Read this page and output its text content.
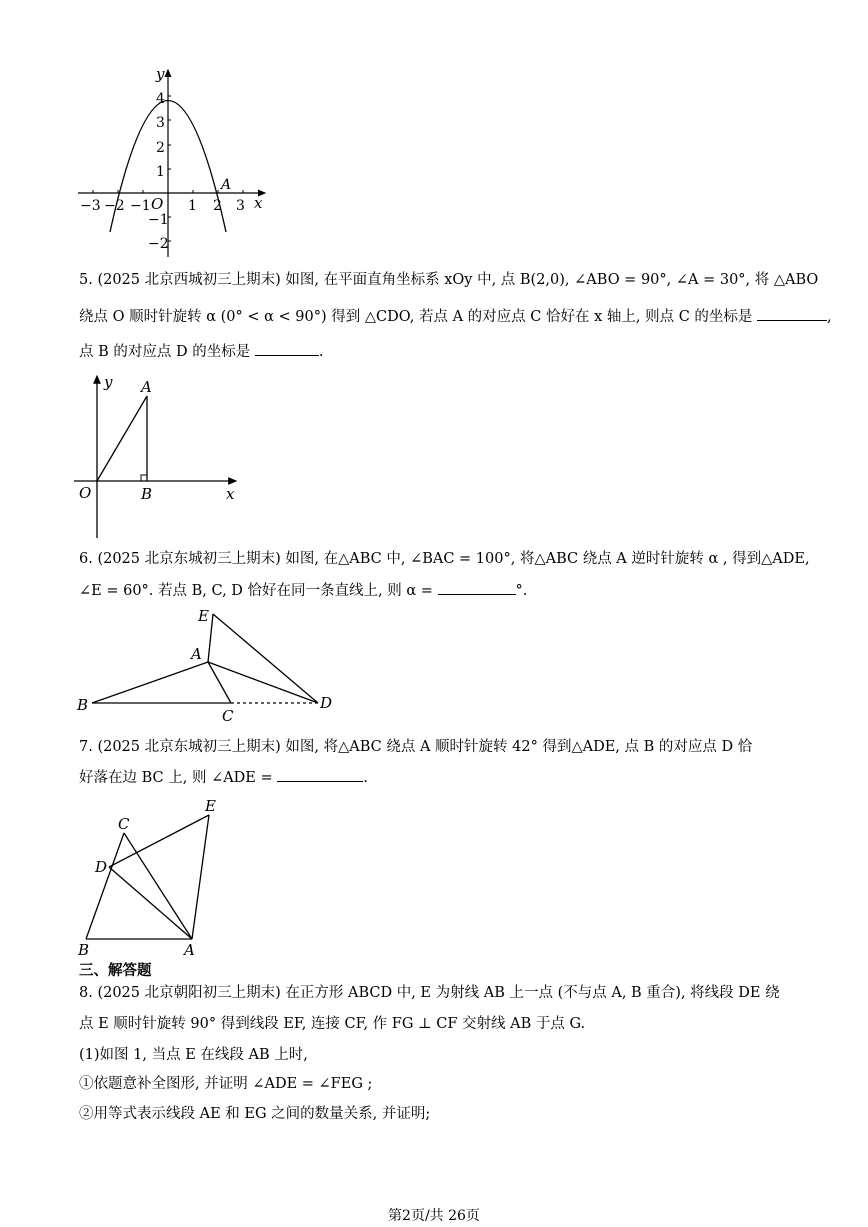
y
x
O
A
−3 −2 −1	1 2 3
4
3
2
1
−1
−2
5. (2025 北京西城初三上期末) 如图, 在平面直角坐标系 xOy 中, 点 B(2,0), ∠ABO = 90°, ∠A = 30°, 将 △ABO
绕点 O 顺时针旋转 α (0° < α < 90°) 得到 △CDO, 若点 A 的对应点 C 恰好在 x 轴上, 则点 C 的坐标是	,
点 B 的对应点 D 的坐标是	.
y A
O	B	x
6. (2025 北京东城初三上期末) 如图, 在△ABC 中, ∠BAC = 100°, 将△ABC 绕点 A 逆时针旋转 α , 得到△ADE,
∠E = 60°. 若点 B, C, D 恰好在同一条直线上, 则 α =	°.
E
A
B
C
D
7. (2025 北京东城初三上期末) 如图, 将△ABC 绕点 A 顺时针旋转 42° 得到△ADE, 点 B 的对应点 D 恰
好落在边 BC 上, 则 ∠ADE =	.
E
C
D
B	A
三、解答题
8. (2025 北京朝阳初三上期末) 在正方形 ABCD 中, E 为射线 AB 上一点 (不与点 A, B 重合), 将线段 DE 绕
点 E 顺时针旋转 90° 得到线段 EF, 连接 CF, 作 FG ⊥ CF 交射线 AB 于点 G.
(1)如图 1, 当点 E 在线段 AB 上时,
①依题意补全图形, 并证明 ∠ADE = ∠FEG ;
②用等式表示线段 AE 和 EG 之间的数量关系, 并证明;
第2页/共 26页
